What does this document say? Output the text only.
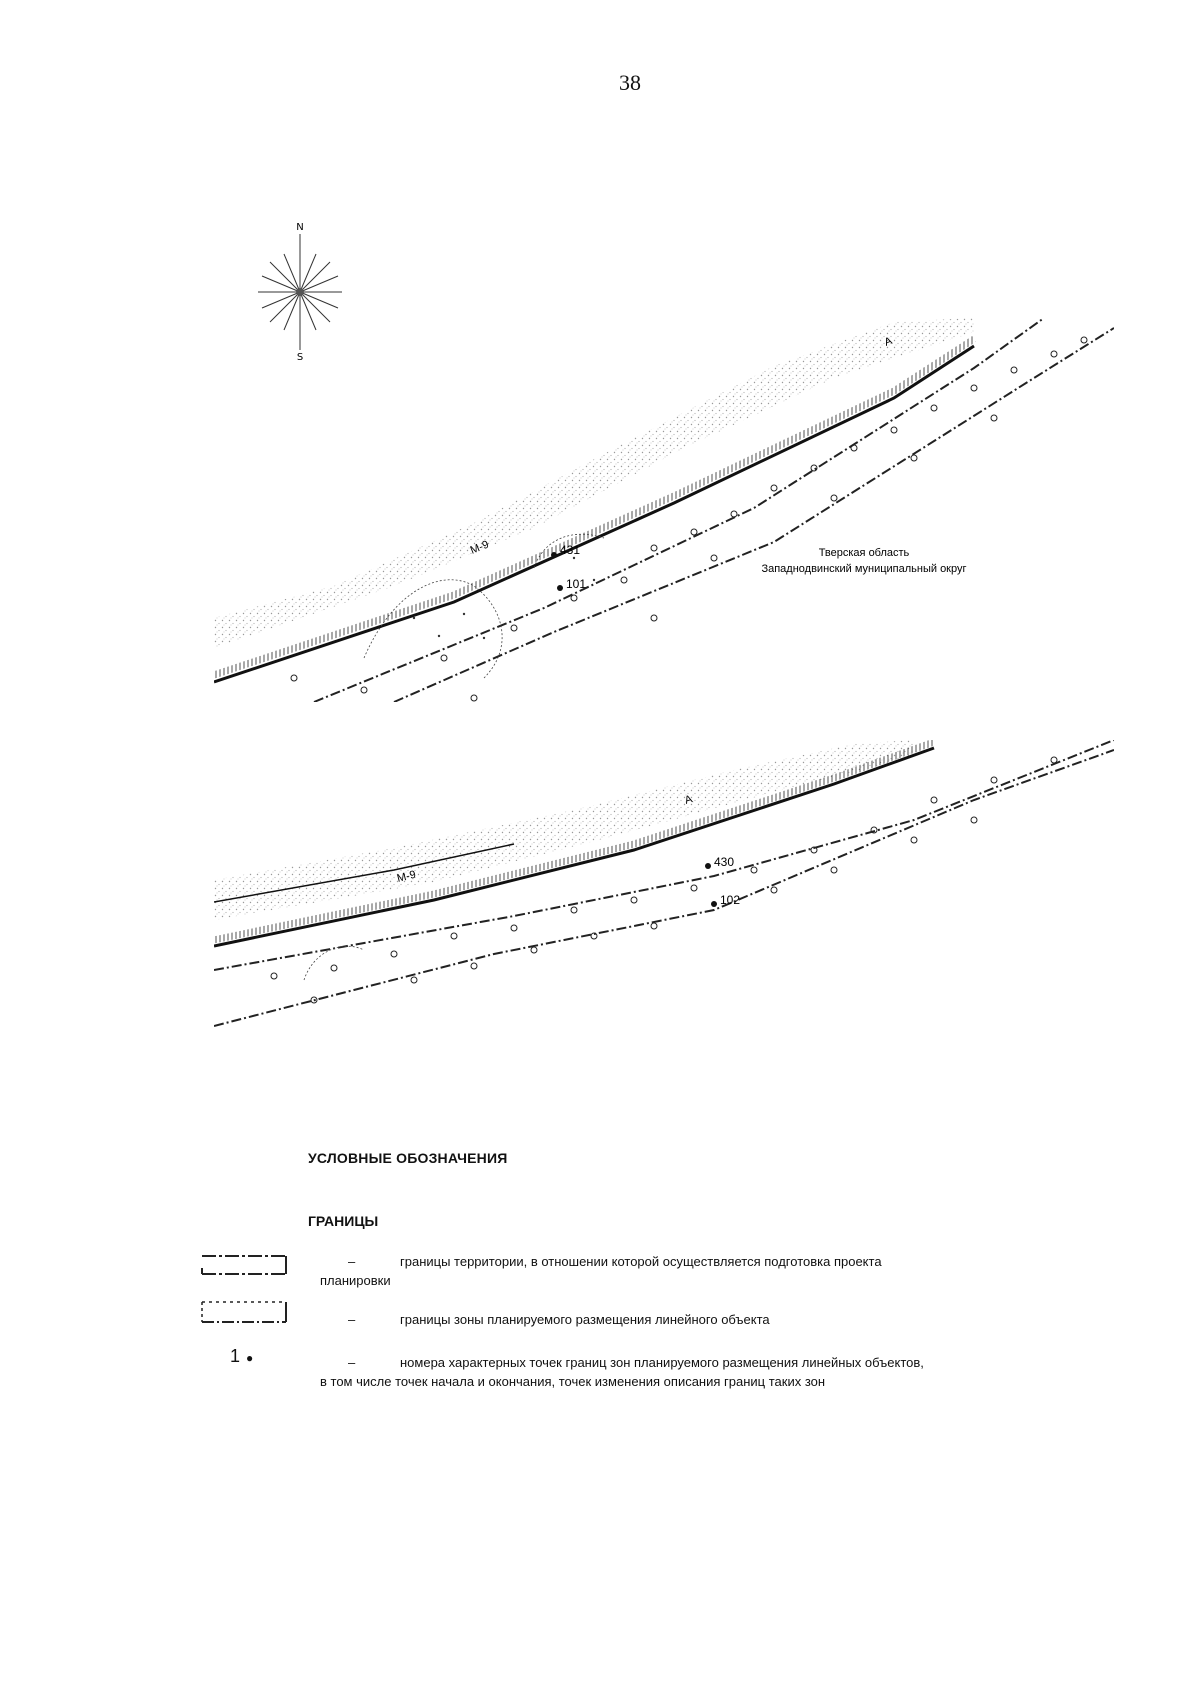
38
N
S
431
101
М-9
А
Тверская область
Западнодвинский муниципальный округ
430
102
М-9
А
УСЛОВНЫЕ ОБОЗНАЧЕНИЯ
ГРАНИЦЫ
–	границы территории, в отношении которой осуществляется подготовка проекта
планировки
–	границы зоны планируемого размещения линейного объекта
1 ●	–	номера характерных точек границ зон планируемого размещения линейных объектов,
в том числе точек начала и окончания, точек изменения описания границ таких зон
